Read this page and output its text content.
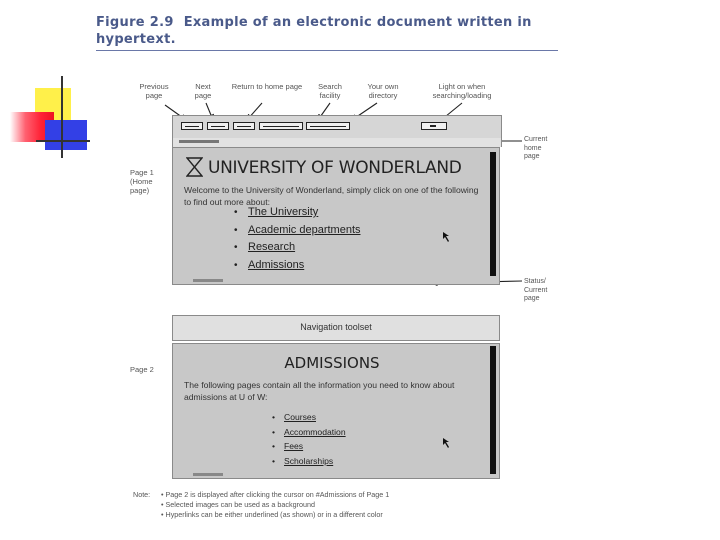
Figure 2.9 Example of an electronic document written in hypertext.
Previous page
Next page
Return to home page	Search facility
Your own directory
Light on when searching/loading
Page 1 (Home page)
Page 2
Current home page
Status/ Current page
UNIVERSITY OF WONDERLAND
Welcome to the University of Wonderland, simply click on one of the following to find out more about:
• The University
• Academic departments
• Research
• Admissions
Navigation toolset
ADMISSIONS
The following pages contain all the information you need to know about admissions at U of W:
• Courses
• Accommodation
• Fees
• Scholarships
Note: • Page 2 is displayed after clicking the cursor on #Admissions of Page 1
• Selected images can be used as a background
• Hyperlinks can be either underlined (as shown) or in a different color
